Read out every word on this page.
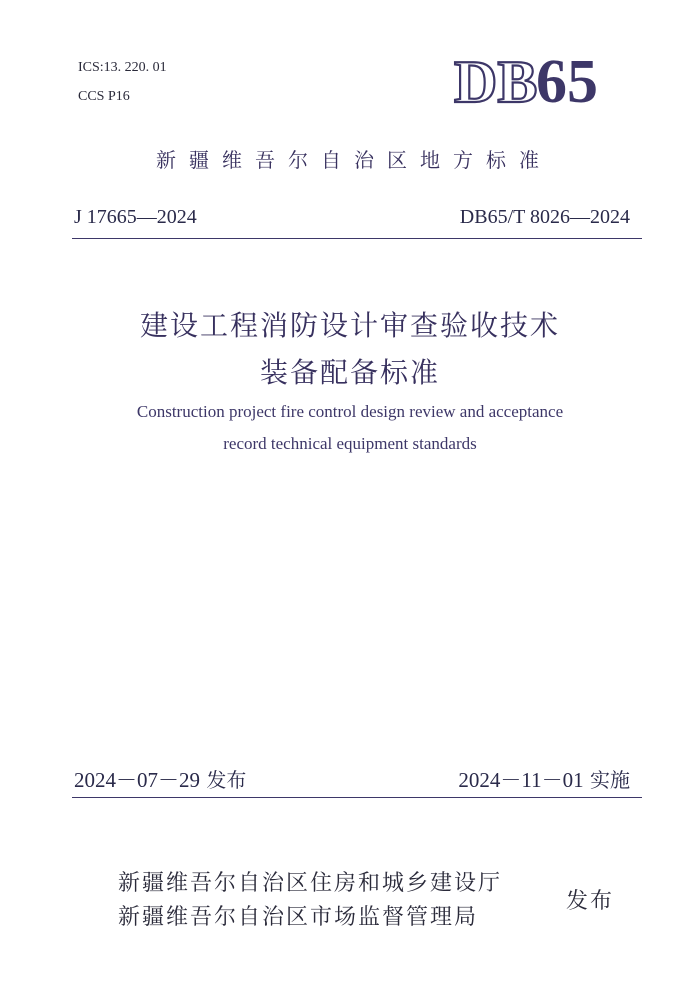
ICS:13. 220. 01
CCS P16	DB
65
新疆维吾尔自治区地方标准
J 17665—2024	DB65/T 8026—2024
建设工程消防设计审查验收技术
装备配备标准
Construction project fire control design review and acceptance
record technical equipment standards
2024－07－29 发布	2024－11－01 实施
新疆维吾尔自治区住房和城乡建设厅
新疆维吾尔自治区市场监督管理局
发布
